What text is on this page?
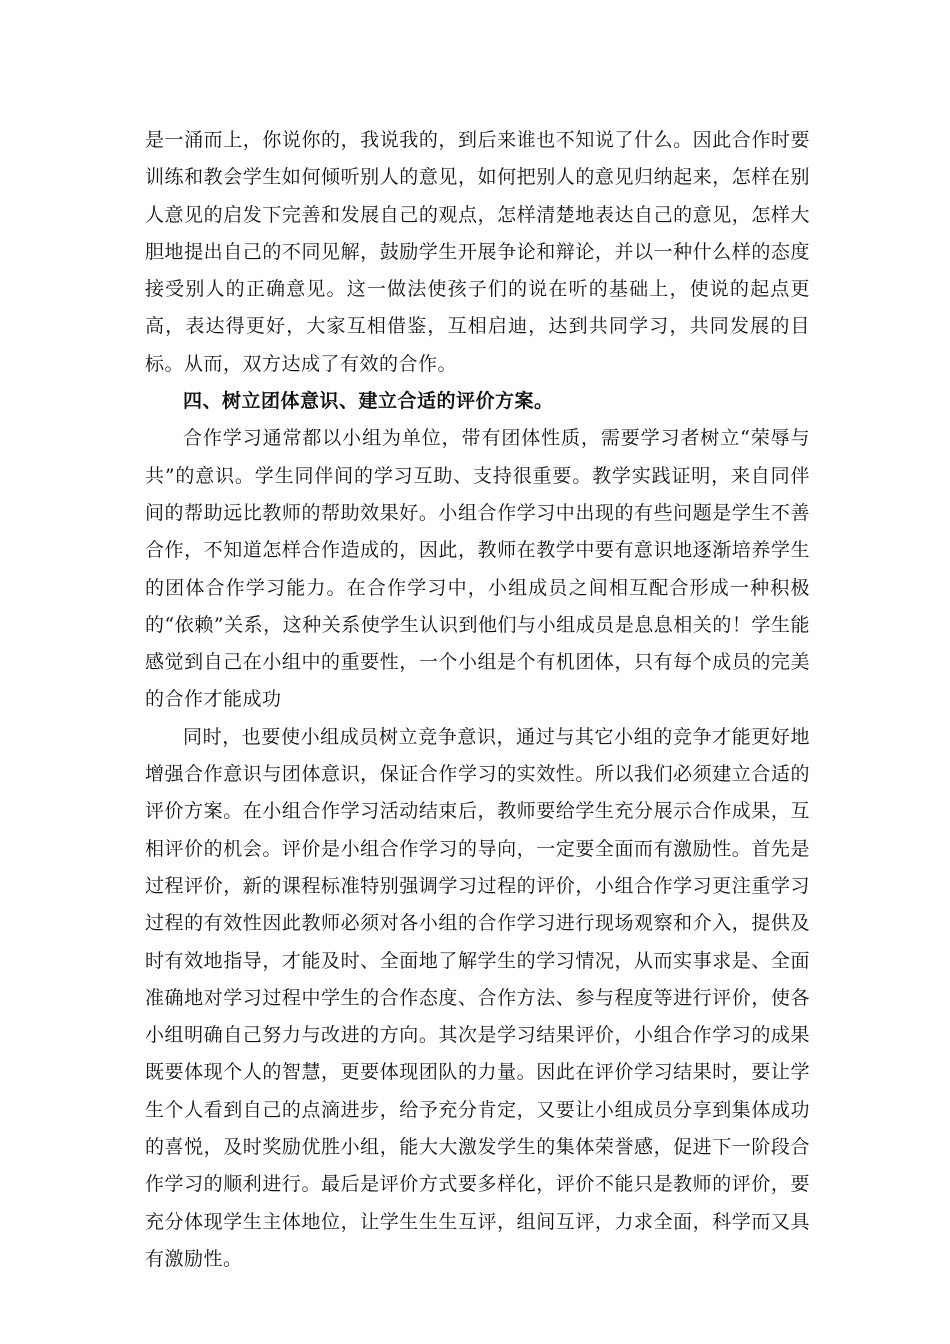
是一涌而上，你说你的，我说我的，到后来谁也不知说了什么。因此合作时要训练和教会学生如何倾听别人的意见，如何把别人的意见归纳起来，怎样在别人意见的启发下完善和发展自己的观点，怎样清楚地表达自己的意见，怎样大胆地提出自己的不同见解，鼓励学生开展争论和辩论，并以一种什么样的态度接受别人的正确意见。这一做法使孩子们的说在听的基础上，使说的起点更高，表达得更好，大家互相借鉴，互相启迪，达到共同学习，共同发展的目标。从而，双方达成了有效的合作。

四、树立团体意识、建立合适的评价方案。

合作学习通常都以小组为单位，带有团体性质，需要学习者树立“荣辱与共”的意识。学生同伴间的学习互助、支持很重要。教学实践证明，来自同伴间的帮助远比教师的帮助效果好。小组合作学习中出现的有些问题是学生不善合作，不知道怎样合作造成的，因此，教师在教学中要有意识地逐渐培养学生的团体合作学习能力。在合作学习中，小组成员之间相互配合形成一种积极的“依赖”关系，这种关系使学生认识到他们与小组成员是息息相关的！学生能感觉到自己在小组中的重要性，一个小组是个有机团体，只有每个成员的完美的合作才能成功

同时，也要使小组成员树立竞争意识，通过与其它小组的竞争才能更好地增强合作意识与团体意识，保证合作学习的实效性。所以我们必须建立合适的评价方案。在小组合作学习活动结束后，教师要给学生充分展示合作成果，互相评价的机会。评价是小组合作学习的导向，一定要全面而有激励性。首先是过程评价，新的课程标准特别强调学习过程的评价，小组合作学习更注重学习过程的有效性因此教师必须对各小组的合作学习进行现场观察和介入，提供及时有效地指导，才能及时、全面地了解学生的学习情况，从而实事求是、全面准确地对学习过程中学生的合作态度、合作方法、参与程度等进行评价，使各小组明确自己努力与改进的方向。其次是学习结果评价，小组合作学习的成果既要体现个人的智慧，更要体现团队的力量。因此在评价学习结果时，要让学生个人看到自己的点滴进步，给予充分肯定，又要让小组成员分享到集体成功的喜悦，及时奖励优胜小组，能大大激发学生的集体荣誉感，促进下一阶段合作学习的顺利进行。最后是评价方式要多样化，评价不能只是教师的评价，要充分体现学生主体地位，让学生生生互评，组间互评，力求全面，科学而又具有激励性。
